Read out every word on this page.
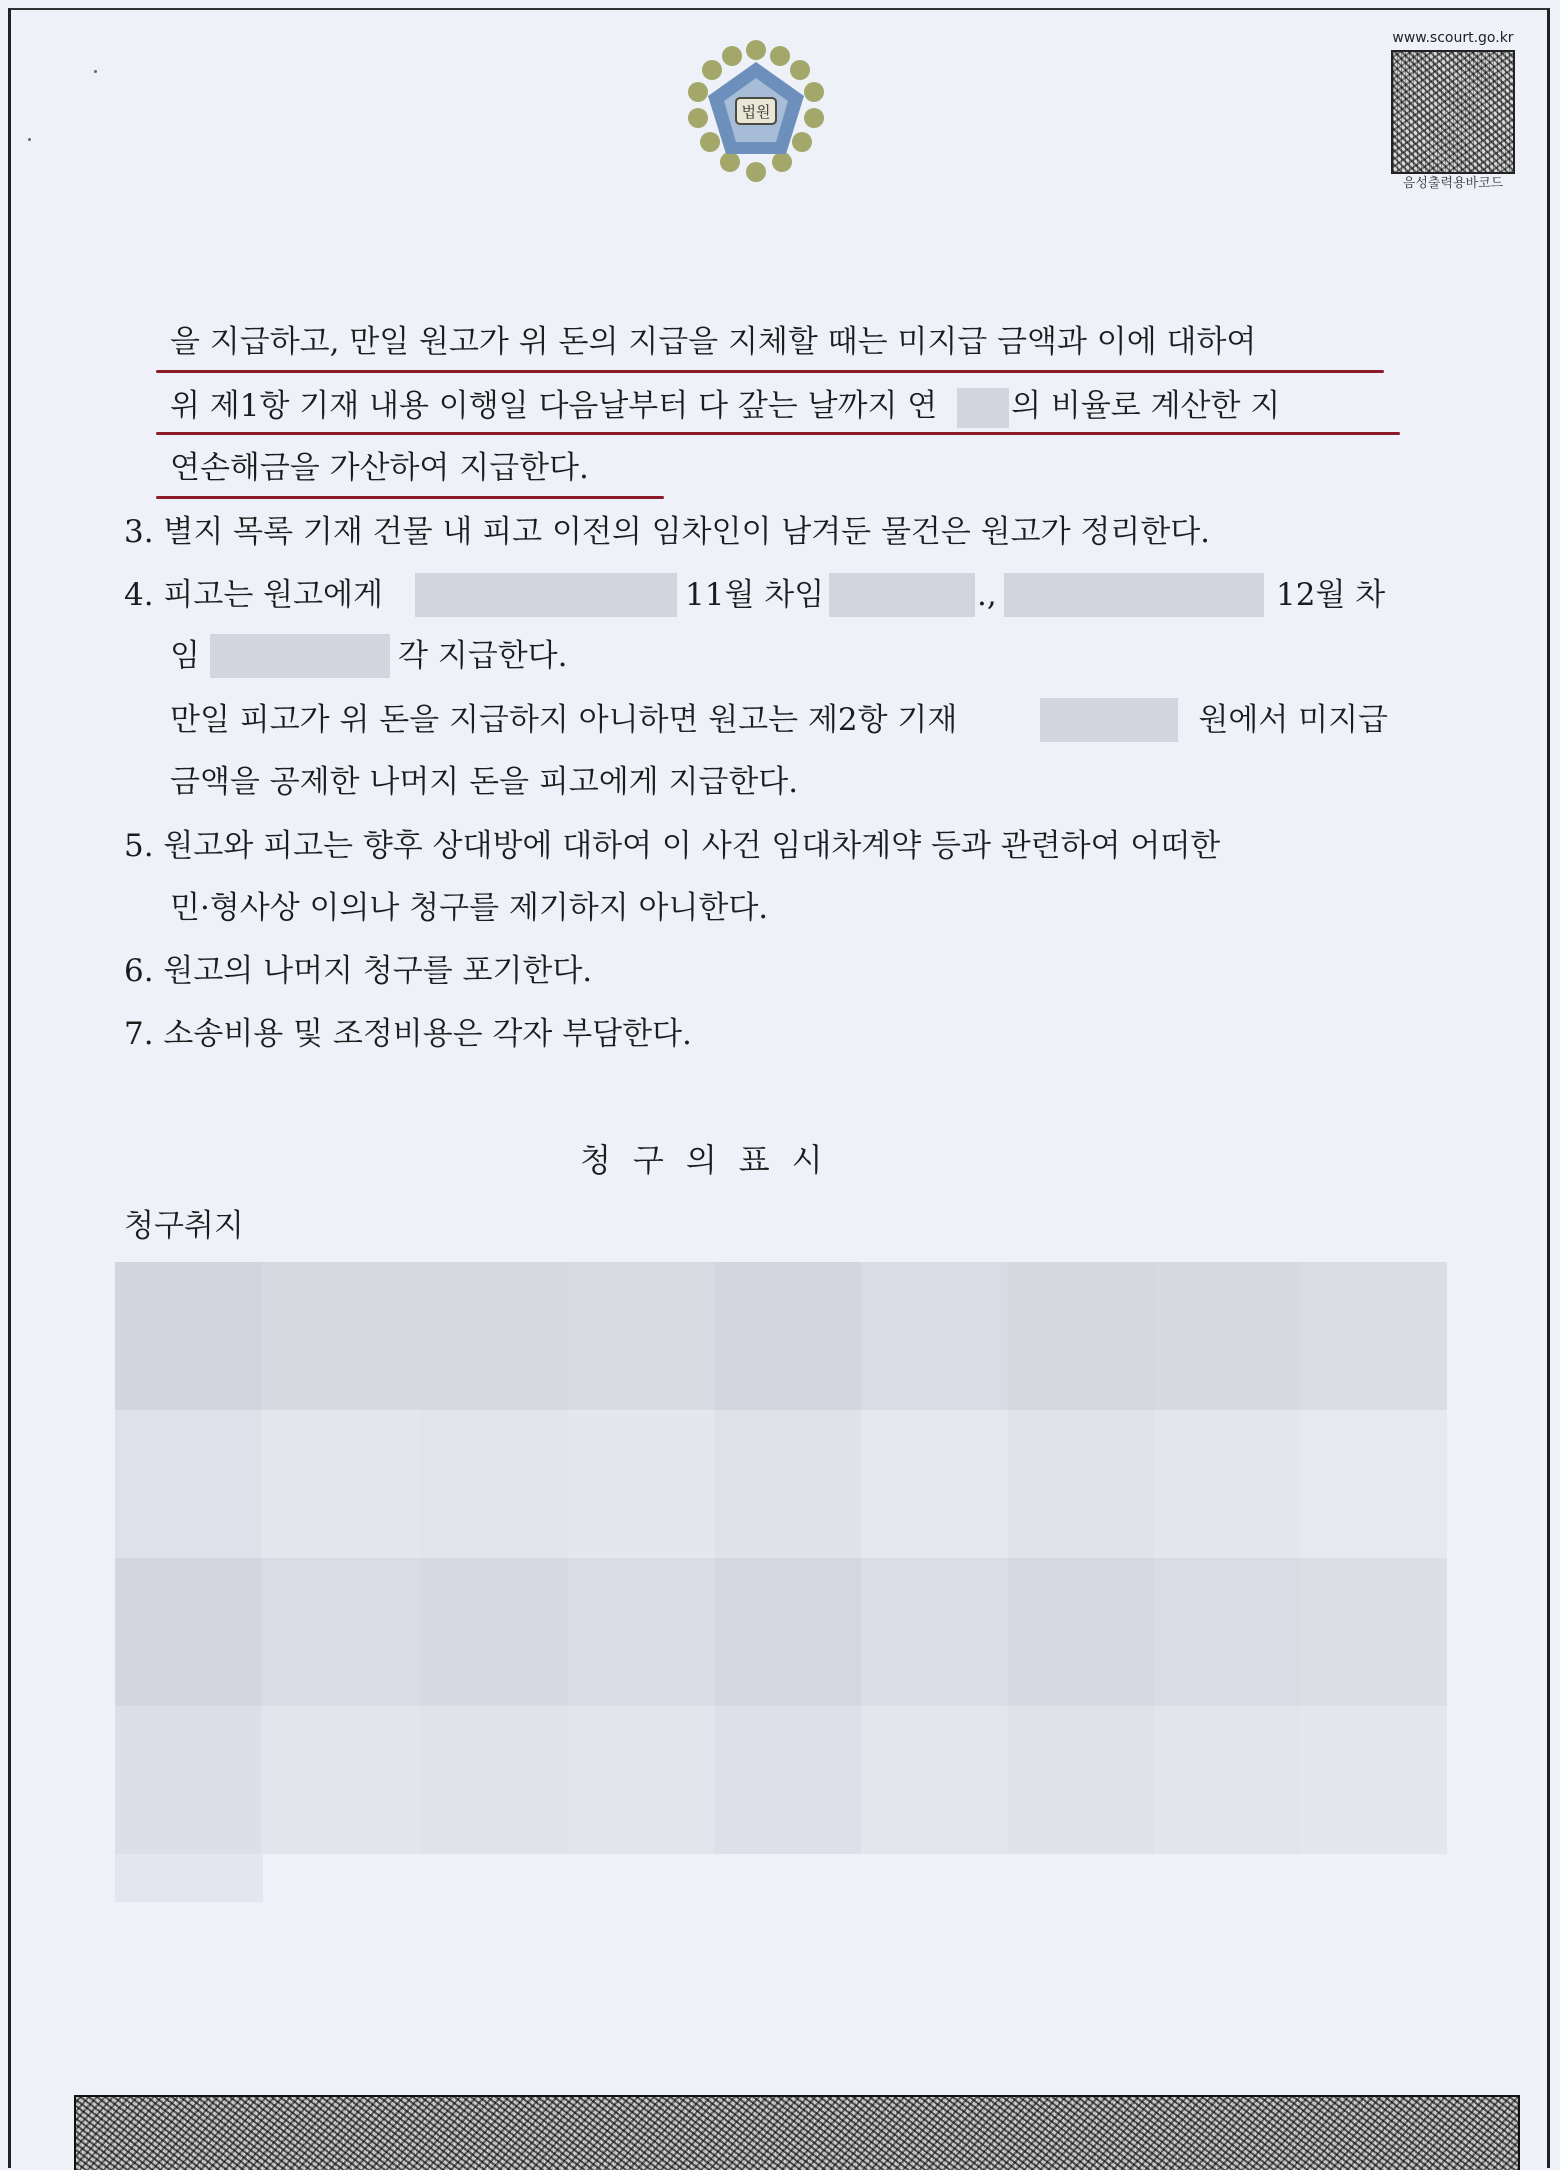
법원
www.scourt.go.kr
음성출력용바코드
을 지급하고, 만일 원고가 위 돈의 지급을 지체할 때는 미지급 금액과 이에 대하여
위 제1항 기재 내용 이행일 다음날부터 다 갚는 날까지 연 의 비율로 계산한 지
연손해금을 가산하여 지급한다.
3. 별지 목록 기재 건물 내 피고 이전의 임차인이 남겨둔 물건은 원고가 정리한다.
4. 피고는 원고에게	11월 차임	.,	12월 차
임	각 지급한다.
만일 피고가 위 돈을 지급하지 아니하면 원고는 제2항 기재	원에서 미지급
금액을 공제한 나머지 돈을 피고에게 지급한다.
5. 원고와 피고는 향후 상대방에 대하여 이 사건 임대차계약 등과 관련하여 어떠한
민·형사상 이의나 청구를 제기하지 아니한다.
6. 원고의 나머지 청구를 포기한다.
7. 소송비용 및 조정비용은 각자 부담한다.
청구의표시
청구취지
